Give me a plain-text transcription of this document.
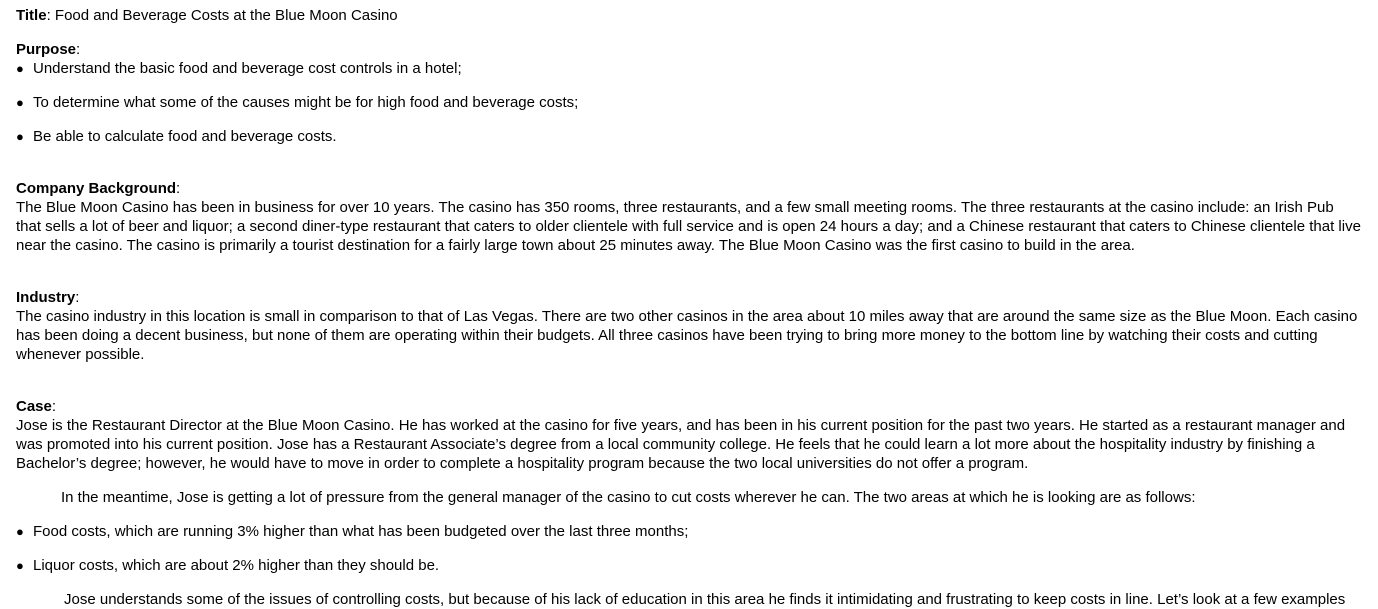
Title: Food and Beverage Costs at the Blue Moon Casino

Purpose:

● Understand the basic food and beverage cost controls in a hotel;
● To determine what some of the causes might be for high food and beverage costs;
● Be able to calculate food and beverage costs.

Company Background:

The Blue Moon Casino has been in business for over 10 years. The casino has 350 rooms, three restaurants, and a few small meeting rooms. The three restaurants at the casino include: an Irish Pub that sells a lot of beer and liquor; a second diner-type restaurant that caters to older clientele with full service and is open 24 hours a day; and a Chinese restaurant that caters to Chinese clientele that live near the casino. The casino is primarily a tourist destination for a fairly large town about 25 minutes away. The Blue Moon Casino was the first casino to build in the area.

Industry:

The casino industry in this location is small in comparison to that of Las Vegas. There are two other casinos in the area about 10 miles away that are around the same size as the Blue Moon. Each casino has been doing a decent business, but none of them are operating within their budgets. All three casinos have been trying to bring more money to the bottom line by watching their costs and cutting whenever possible.

Case:

Jose is the Restaurant Director at the Blue Moon Casino. He has worked at the casino for five years, and has been in his current position for the past two years. He started as a restaurant manager and was promoted into his current position. Jose has a Restaurant Associate’s degree from a local community college. He feels that he could learn a lot more about the hospitality industry by finishing a Bachelor’s degree; however, he would have to move in order to complete a hospitality program because the two local universities do not offer a program.

In the meantime, Jose is getting a lot of pressure from the general manager of the casino to cut costs wherever he can. The two areas at which he is looking are as follows:

● Food costs, which are running 3% higher than what has been budgeted over the last three months;
● Liquor costs, which are about 2% higher than they should be.

Jose understands some of the issues of controlling costs, but because of his lack of education in this area he finds it intimidating and frustrating to keep costs in line. Let’s look at a few examples
